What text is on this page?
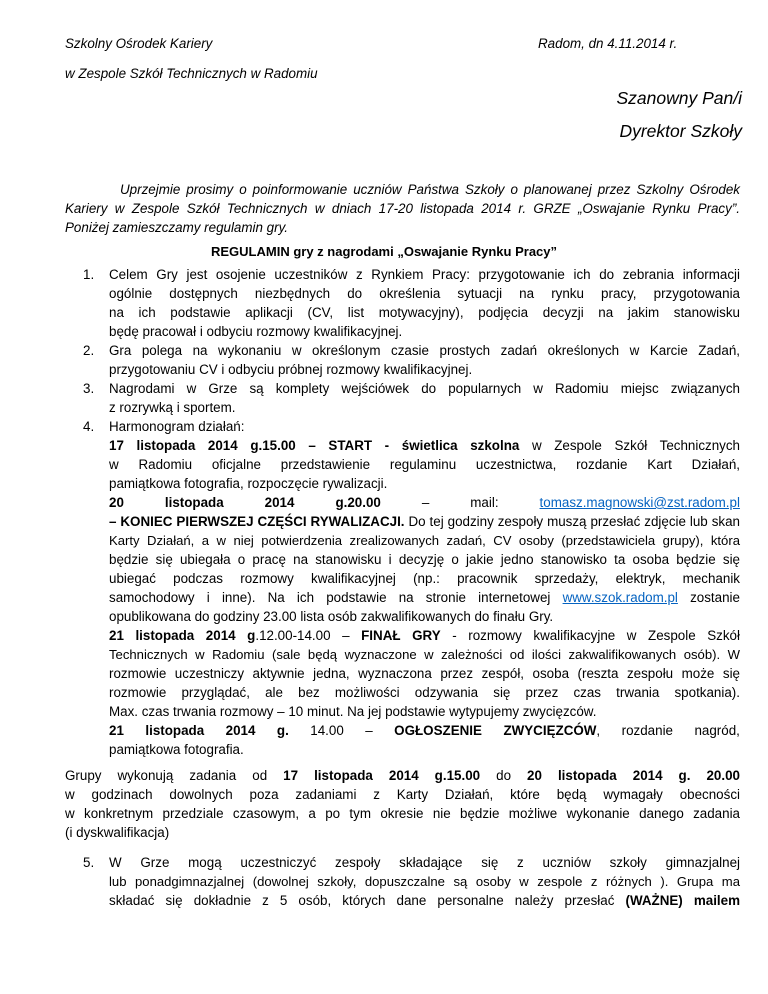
Szkolny Ośrodek Kariery	Radom, dn 4.11.2014 r.
w Zespole Szkół Technicznych w Radomiu
Szanowny Pan/i
Dyrektor Szkoły
Uprzejmie prosimy o poinformowanie uczniów Państwa Szkoły o planowanej przez Szkolny Ośrodek
Kariery w Zespole Szkół Technicznych w dniach 17-20 listopada 2014 r. GRZE „Oswajanie Rynku Pracy”.
Poniżej zamieszczamy regulamin gry.
REGULAMIN gry z nagrodami „Oswajanie Rynku Pracy”
1. Celem Gry jest osojenie uczestników z Rynkiem Pracy: przygotowanie ich do zebrania informacji
ogólnie dostępnych niezbędnych do określenia sytuacji na rynku pracy, przygotowania
na ich podstawie aplikacji (CV, list motywacyjny), podjęcia decyzji na jakim stanowisku
będę pracował i odbyciu rozmowy kwalifikacyjnej.
2. Gra polega na wykonaniu w określonym czasie prostych zadań określonych w Karcie Zadań,
przygotowaniu CV i odbyciu próbnej rozmowy kwalifikacyjnej.
3. Nagrodami w Grze są komplety wejściówek do popularnych w Radomiu miejsc związanych
z rozrywką i sportem.
4. Harmonogram działań:
17 listopada 2014 g.15.00 – START - świetlica szkolna w Zespole Szkół Technicznych
w Radomiu oficjalne przedstawienie regulaminu uczestnictwa, rozdanie Kart Działań,
pamiątkowa fotografia, rozpoczęcie rywalizacji.
20	listopada	2014	g.20.00	–	mail:	tomasz.magnowski@zst.radom.pl
– KONIEC PIERWSZEJ CZĘŚCI RYWALIZACJI. Do tej godziny zespoły muszą przesłać zdjęcie lub skan
Karty Działań, a w niej potwierdzenia zrealizowanych zadań, CV osoby (przedstawiciela grupy), która
będzie się ubiegała o pracę na stanowisku i decyzję o jakie jedno stanowisko ta osoba będzie się
ubiegać podczas rozmowy kwalifikacyjnej (np.: pracownik sprzedaży, elektryk, mechanik
samochodowy i inne). Na ich podstawie na stronie internetowej www.szok.radom.pl zostanie
opublikowana do godziny 23.00 lista osób zakwalifikowanych do finału Gry.
21 listopada 2014 g.12.00-14.00 – FINAŁ GRY - rozmowy kwalifikacyjne w Zespole Szkół
Technicznych w Radomiu (sale będą wyznaczone w zależności od ilości zakwalifikowanych osób). W
rozmowie uczestniczy aktywnie jedna, wyznaczona przez zespół, osoba (reszta zespołu może się
rozmowie przyglądać, ale bez możliwości odzywania się przez czas trwania spotkania).
Max. czas trwania rozmowy – 10 minut. Na jej podstawie wytypujemy zwycięzców.
21 listopada 2014 g. 14.00 – OGŁOSZENIE ZWYCIĘZCÓW, rozdanie nagród,
pamiątkowa fotografia.
Grupy wykonują zadania od 17 listopada 2014 g.15.00 do 20 listopada 2014 g. 20.00
w godzinach dowolnych poza zadaniami z Karty Działań, które będą wymagały obecności
w konkretnym przedziale czasowym, a po tym okresie nie będzie możliwe wykonanie danego zadania
(i dyskwalifikacja)
5. W Grze mogą uczestniczyć zespoły składające się z uczniów szkoły gimnazjalnej
lub ponadgimnazjalnej (dowolnej szkoły, dopuszczalne są osoby w zespole z różnych ). Grupa ma
składać się dokładnie z 5 osób, których dane personalne należy przesłać (WAŻNE) mailem
